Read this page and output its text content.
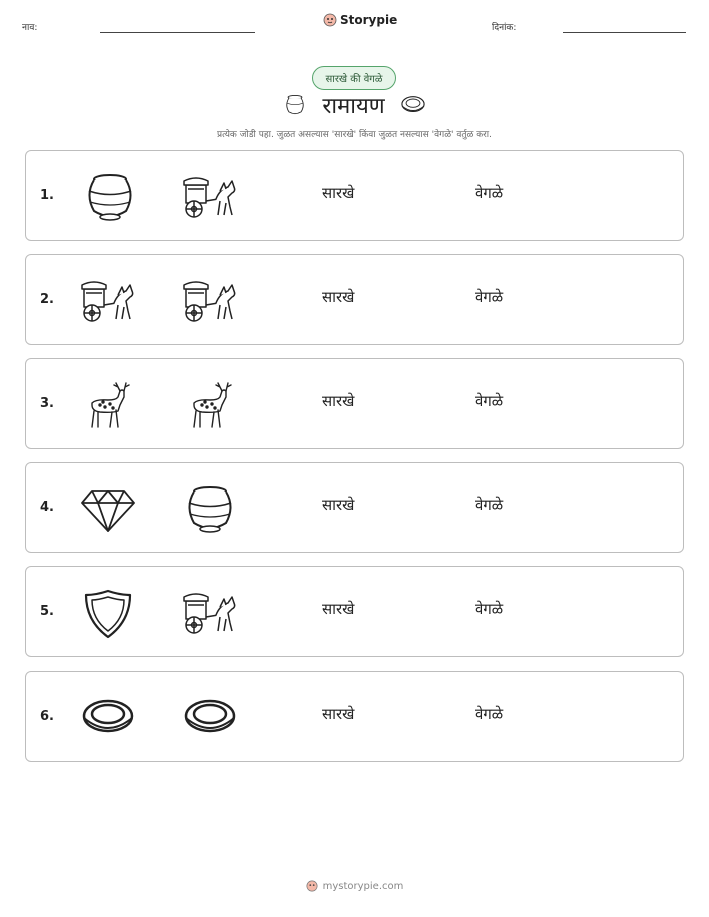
नाव:
Storypie
दिनांक:
सारखे की वेगळे
रामायण
प्रत्येक जोडी पहा. जुळत असल्यास 'सारखे' किंवा जुळत नसल्यास 'वेगळे' वर्तुळ करा.
1.	सारखे	वेगळे
2.	सारखे	वेगळे
3.	सारखे	वेगळे
4.	सारखे	वेगळे
5.	सारखे	वेगळे
6.	सारखे	वेगळे
mystorypie.com
